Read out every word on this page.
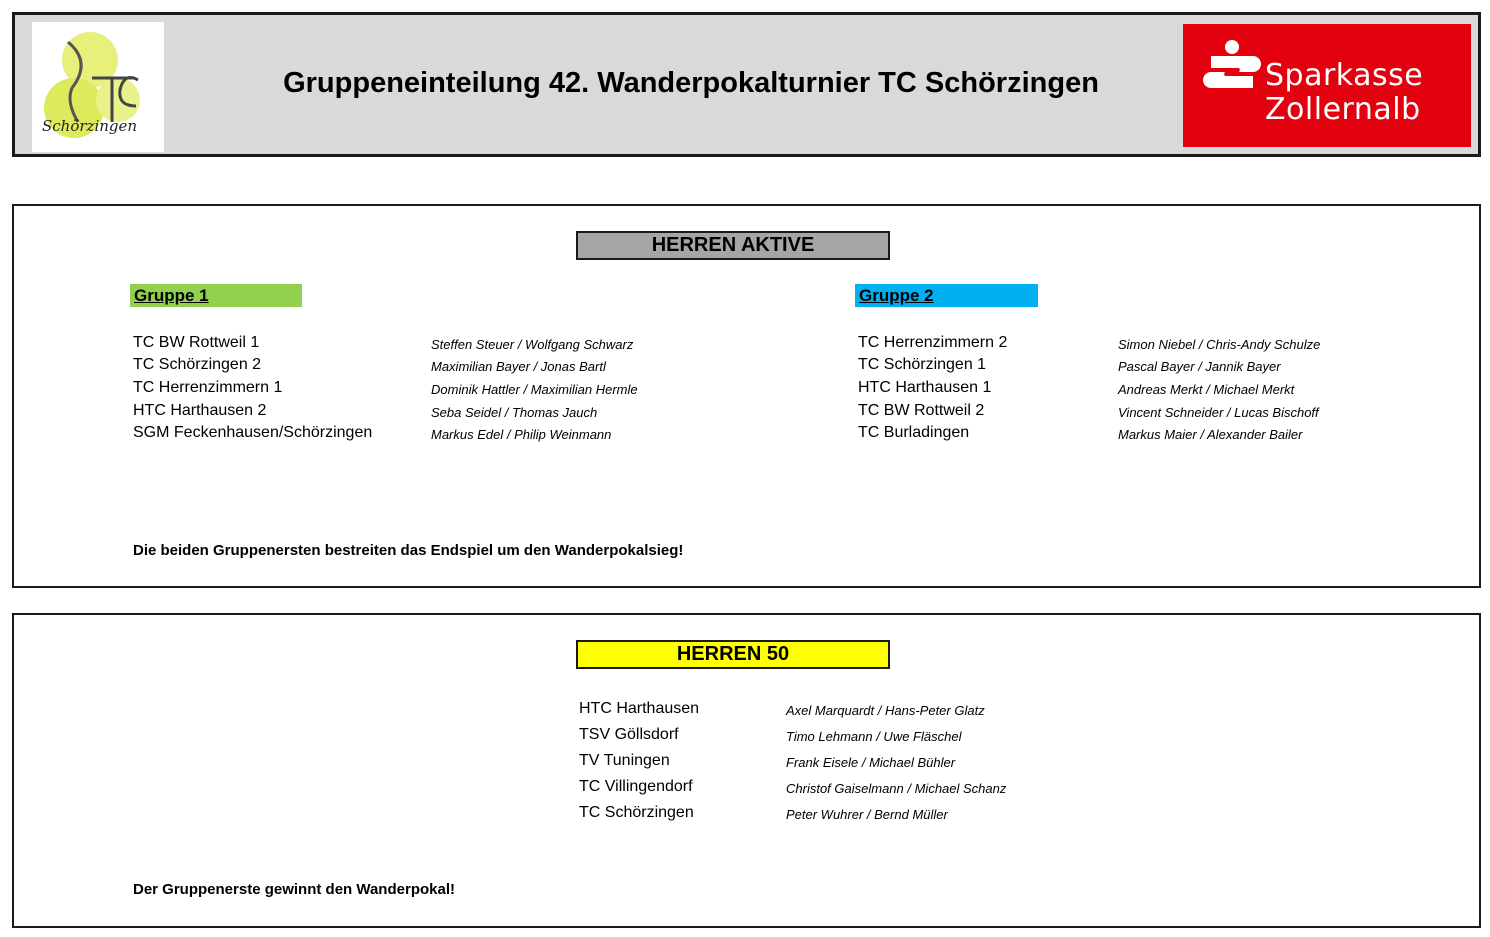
Schörzingen
Gruppeneinteilung 42. Wanderpokalturnier TC Schörzingen	Sparkasse
Zollernalb
HERREN AKTIVE
Gruppe 1	Gruppe 2
TC BW Rottweil 1	Steffen Steuer / Wolfgang Schwarz
TC Schörzingen 2	Maximilian Bayer / Jonas Bartl
TC Herrenzimmern 1	Dominik Hattler / Maximilian Hermle
HTC Harthausen 2	Seba Seidel / Thomas Jauch
SGM Feckenhausen/Schörzingen	Markus Edel / Philip Weinmann
TC Herrenzimmern 2	Simon Niebel / Chris-Andy Schulze
TC Schörzingen 1	Pascal Bayer / Jannik Bayer
HTC Harthausen 1	Andreas Merkt / Michael Merkt
TC BW Rottweil 2	Vincent Schneider / Lucas Bischoff
TC Burladingen	Markus Maier / Alexander Bailer
Die beiden Gruppenersten bestreiten das Endspiel um den Wanderpokalsieg!
HERREN 50
HTC Harthausen	Axel Marquardt / Hans-Peter Glatz
TSV Göllsdorf	Timo Lehmann / Uwe Fläschel
TV Tuningen	Frank Eisele / Michael Bühler
TC Villingendorf	Christof Gaiselmann / Michael Schanz
TC Schörzingen	Peter Wuhrer / Bernd Müller
Der Gruppenerste gewinnt den Wanderpokal!
